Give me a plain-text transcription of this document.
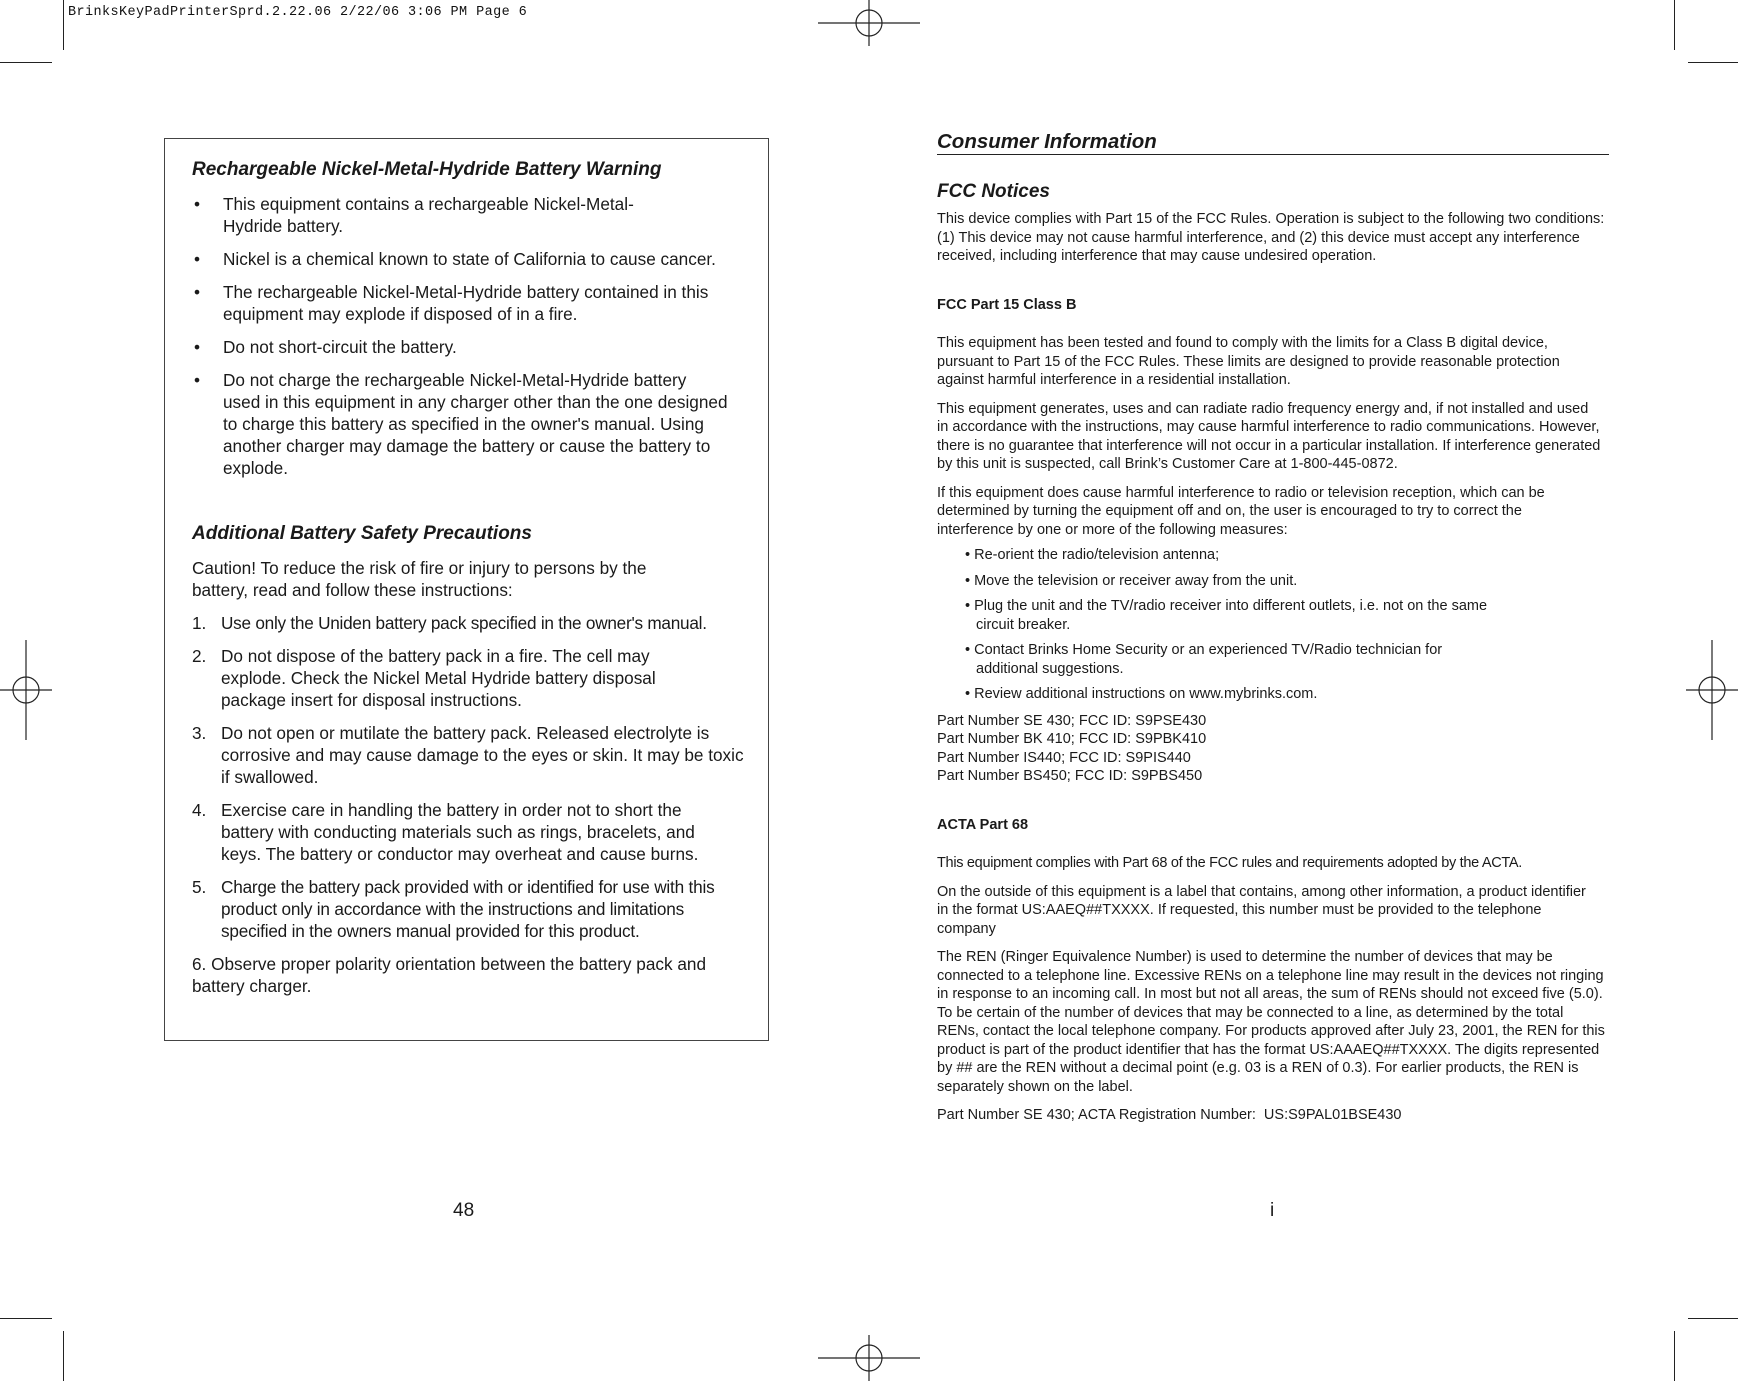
BrinksKeyPadPrinterSprd.2.22.06 2/22/06 3:06 PM Page 6
Rechargeable Nickel-Metal-Hydride Battery Warning
•	This equipment contains a rechargeable Nickel-Metal-Hydride battery.
•	Nickel is a chemical known to state of California to cause cancer.
•	The rechargeable Nickel-Metal-Hydride battery contained in this equipment may explode if disposed of in a fire.
•	Do not short-circuit the battery.
•	Do not charge the rechargeable Nickel-Metal-Hydride battery used in this equipment in any charger other than the one designed to charge this battery as specified in the owner's manual. Using another charger may damage the battery or cause the battery to explode.
Additional Battery Safety Precautions
Caution! To reduce the risk of fire or injury to persons by the battery, read and follow these instructions:
1. Use only the Uniden battery pack specified in the owner's manual.
2. Do not dispose of the battery pack in a fire. The cell may explode. Check the Nickel Metal Hydride battery disposal package insert for disposal instructions.
3. Do not open or mutilate the battery pack. Released electrolyte is corrosive and may cause damage to the eyes or skin. It may be toxic if swallowed.
4. Exercise care in handling the battery in order not to short the battery with conducting materials such as rings, bracelets, and keys. The battery or conductor may overheat and cause burns.
5. Charge the battery pack provided with or identified for use with this product only in accordance with the instructions and limitations specified in the owners manual provided for this product.
6. Observe proper polarity orientation between the battery pack and battery charger.
48
Consumer Information
FCC Notices
This device complies with Part 15 of the FCC Rules. Operation is subject to the following two conditions: (1) This device may not cause harmful interference, and (2) this device must accept any interference received, including interference that may cause undesired operation.
FCC Part 15 Class B
This equipment has been tested and found to comply with the limits for a Class B digital device, pursuant to Part 15 of the FCC Rules. These limits are designed to provide reasonable protection against harmful interference in a residential installation.
This equipment generates, uses and can radiate radio frequency energy and, if not installed and used in accordance with the instructions, may cause harmful interference to radio communications. However, there is no guarantee that interference will not occur in a particular installation. If interference generated by this unit is suspected, call Brink’s Customer Care at 1-800-445-0872.
If this equipment does cause harmful interference to radio or television reception, which can be determined by turning the equipment off and on, the user is encouraged to try to correct the interference by one or more of the following measures:
• Re-orient the radio/television antenna;
• Move the television or receiver away from the unit.
• Plug the unit and the TV/radio receiver into different outlets, i.e. not on the same
circuit breaker.
• Contact Brinks Home Security or an experienced TV/Radio technician for
additional suggestions.
• Review additional instructions on www.mybrinks.com.
Part Number SE 430; FCC ID: S9PSE430
Part Number BK 410; FCC ID: S9PBK410
Part Number IS440; FCC ID: S9PIS440
Part Number BS450; FCC ID: S9PBS450
ACTA Part 68
This equipment complies with Part 68 of the FCC rules and requirements adopted by the ACTA.
On the outside of this equipment is a label that contains, among other information, a product identifier in the format US:AAEQ##TXXXX. If requested, this number must be provided to the telephone company
The REN (Ringer Equivalence Number) is used to determine the number of devices that may be connected to a telephone line. Excessive RENs on a telephone line may result in the devices not ringing in response to an incoming call. In most but not all areas, the sum of RENs should not exceed five (5.0). To be certain of the number of devices that may be connected to a line, as determined by the total RENs, contact the local telephone company. For products approved after July 23, 2001, the REN for this product is part of the product identifier that has the format US:AAAEQ##TXXXX. The digits represented by ## are the REN without a decimal point (e.g. 03 is a REN of 0.3). For earlier products, the REN is separately shown on the label.
Part Number SE 430; ACTA Registration Number:  US:S9PAL01BSE430
i
